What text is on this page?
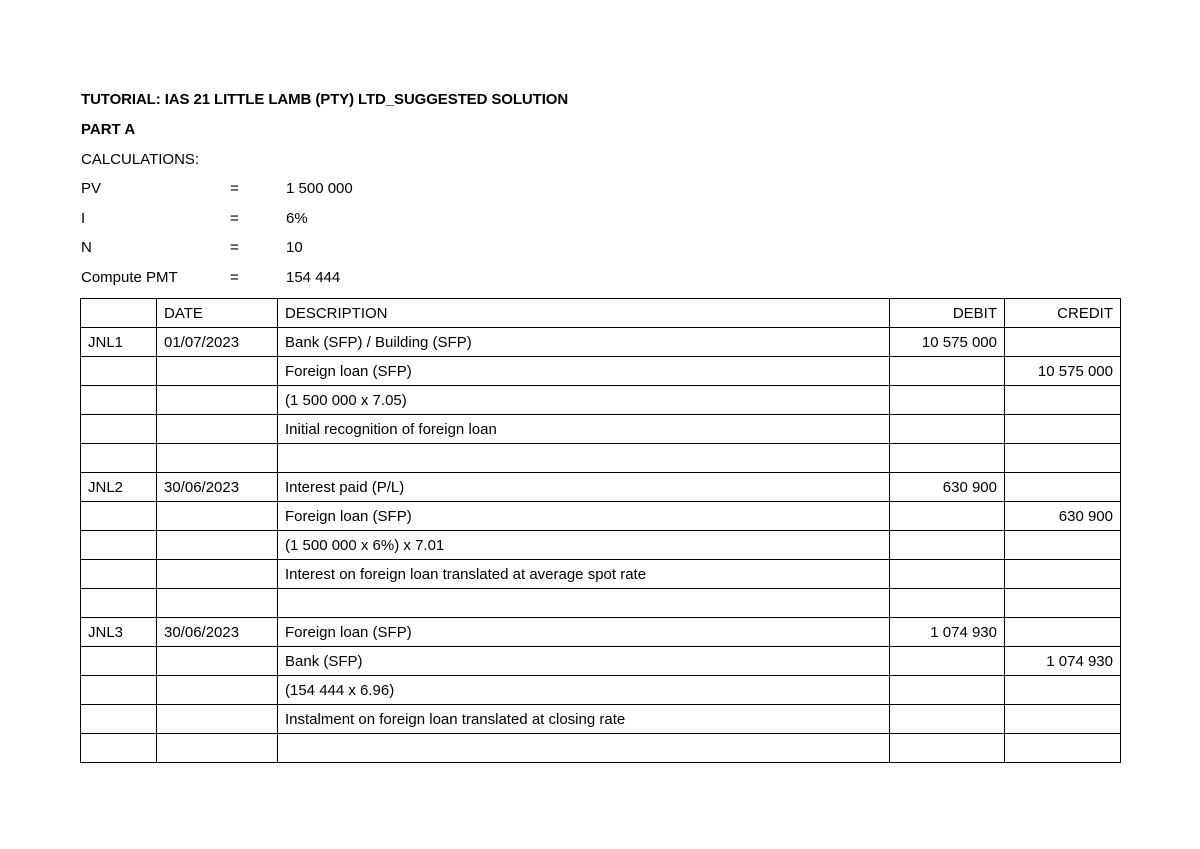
TUTORIAL: IAS 21 LITTLE LAMB (PTY) LTD_SUGGESTED SOLUTION
PART A
CALCULATIONS:
PV	=	1 500 000
I	=	6%
N	=	10
Compute PMT	=	154 444
	DATE	DESCRIPTION	DEBIT	CREDIT
JNL1	01/07/2023	Bank (SFP) / Building (SFP)	10 575 000	
		Foreign loan (SFP)		10 575 000
		(1 500 000 x 7.05)		
		Initial recognition of foreign loan		

JNL2	30/06/2023	Interest paid (P/L)	630 900	
		Foreign loan (SFP)		630 900
		(1 500 000 x 6%) x 7.01		
		Interest on foreign loan translated at average spot rate		

JNL3	30/06/2023	Foreign loan (SFP)	1 074 930	
		Bank (SFP)		1 074 930
		(154 444 x 6.96)		
		Instalment on foreign loan translated at closing rate		
